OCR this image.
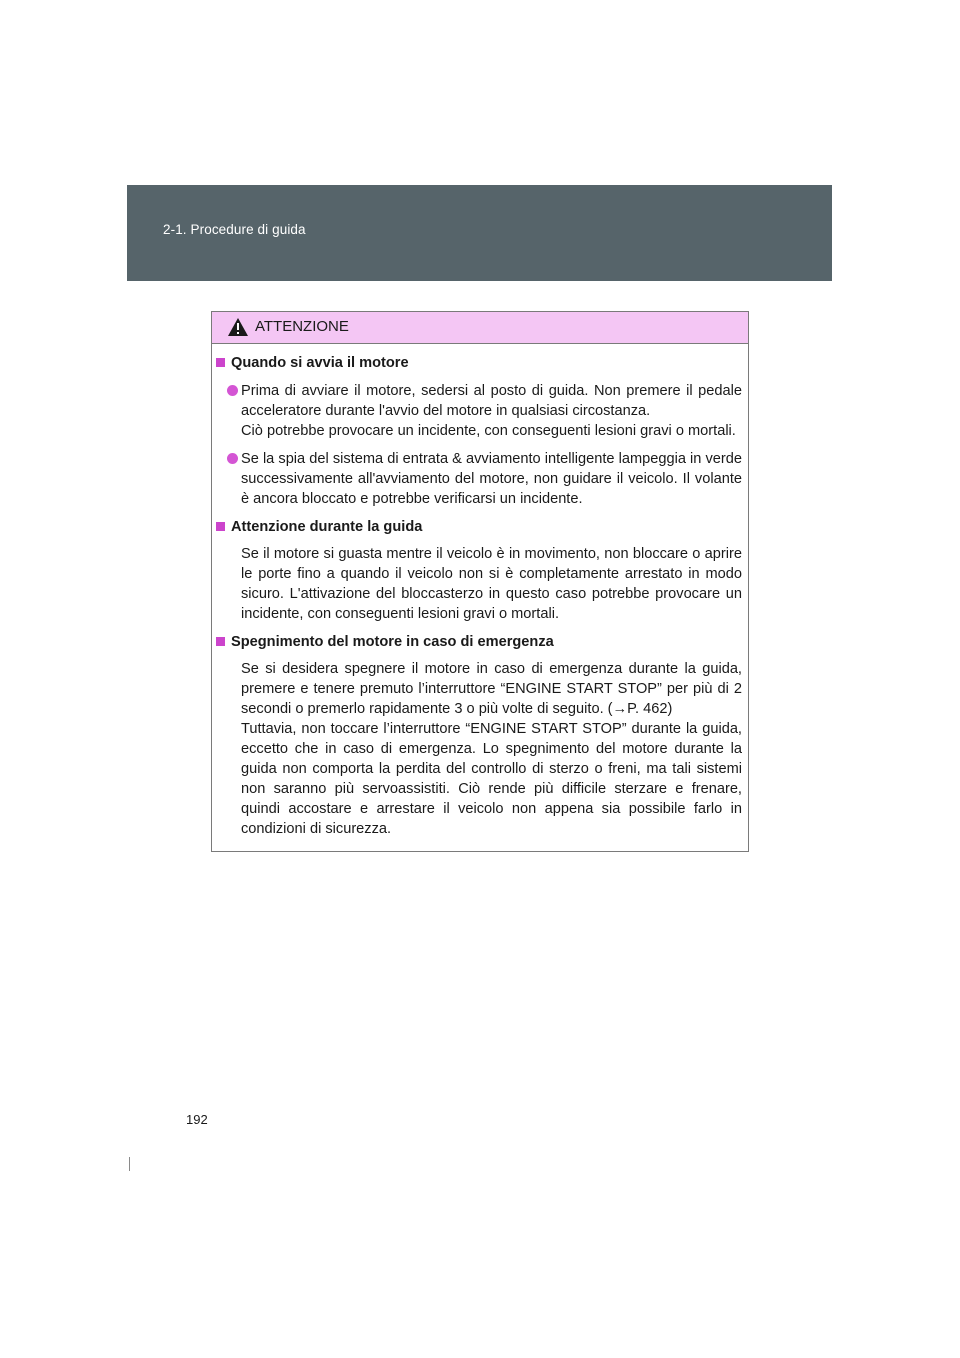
2-1. Procedure di guida
ATTENZIONE
Quando si avvia il motore
Prima di avviare il motore, sedersi al posto di guida. Non premere il pedale acceleratore durante l'avvio del motore in qualsiasi circostanza.
Ciò potrebbe provocare un incidente, con conseguenti lesioni gravi o mortali.
Se la spia del sistema di entrata & avviamento intelligente lampeggia in verde successivamente all'avviamento del motore, non guidare il veicolo. Il volante è ancora bloccato e potrebbe verificarsi un incidente.
Attenzione durante la guida
Se il motore si guasta mentre il veicolo è in movimento, non bloccare o aprire le porte fino a quando il veicolo non si è completamente arrestato in modo sicuro. L'attivazione del bloccasterzo in questo caso potrebbe provocare un incidente, con conseguenti lesioni gravi o mortali.
Spegnimento del motore in caso di emergenza
Se si desidera spegnere il motore in caso di emergenza durante la guida, premere e tenere premuto l’interruttore “ENGINE START STOP” per più di 2 secondi o premerlo rapidamente 3 o più volte di seguito. (→P. 462)
Tuttavia, non toccare l’interruttore “ENGINE START STOP” durante la guida, eccetto che in caso di emergenza. Lo spegnimento del motore durante la guida non comporta la perdita del controllo di sterzo o freni, ma tali sistemi non saranno più servoassistiti. Ciò rende più difficile sterzare e frenare, quindi accostare e arrestare il veicolo non appena sia possibile farlo in condizioni di sicurezza.
192
